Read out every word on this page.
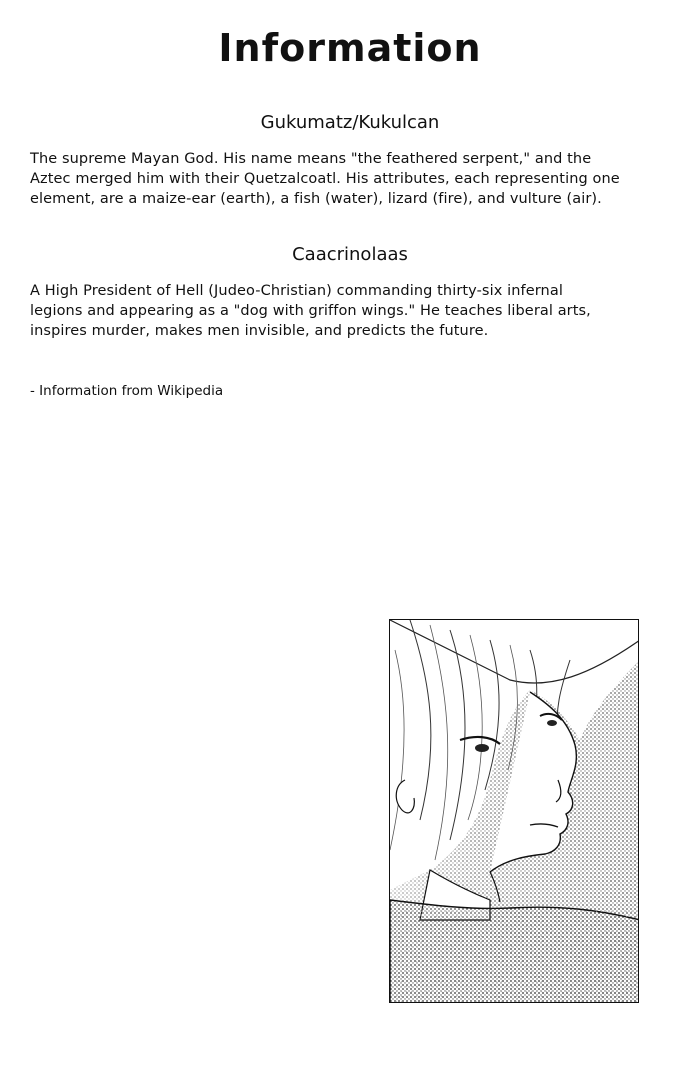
Information
Gukumatz/Kukulcan
The supreme Mayan God. His name means "the feathered serpent," and the
Aztec merged him with their Quetzalcoatl. His attributes, each representing one
element, are a maize-ear (earth), a fish (water), lizard (fire), and vulture (air).
Caacrinolaas
A High President of Hell (Judeo-Christian) commanding thirty-six infernal
legions and appearing as a "dog with griffon wings." He teaches liberal arts,
inspires murder, makes men invisible, and predicts the future.
- Information from Wikipedia
